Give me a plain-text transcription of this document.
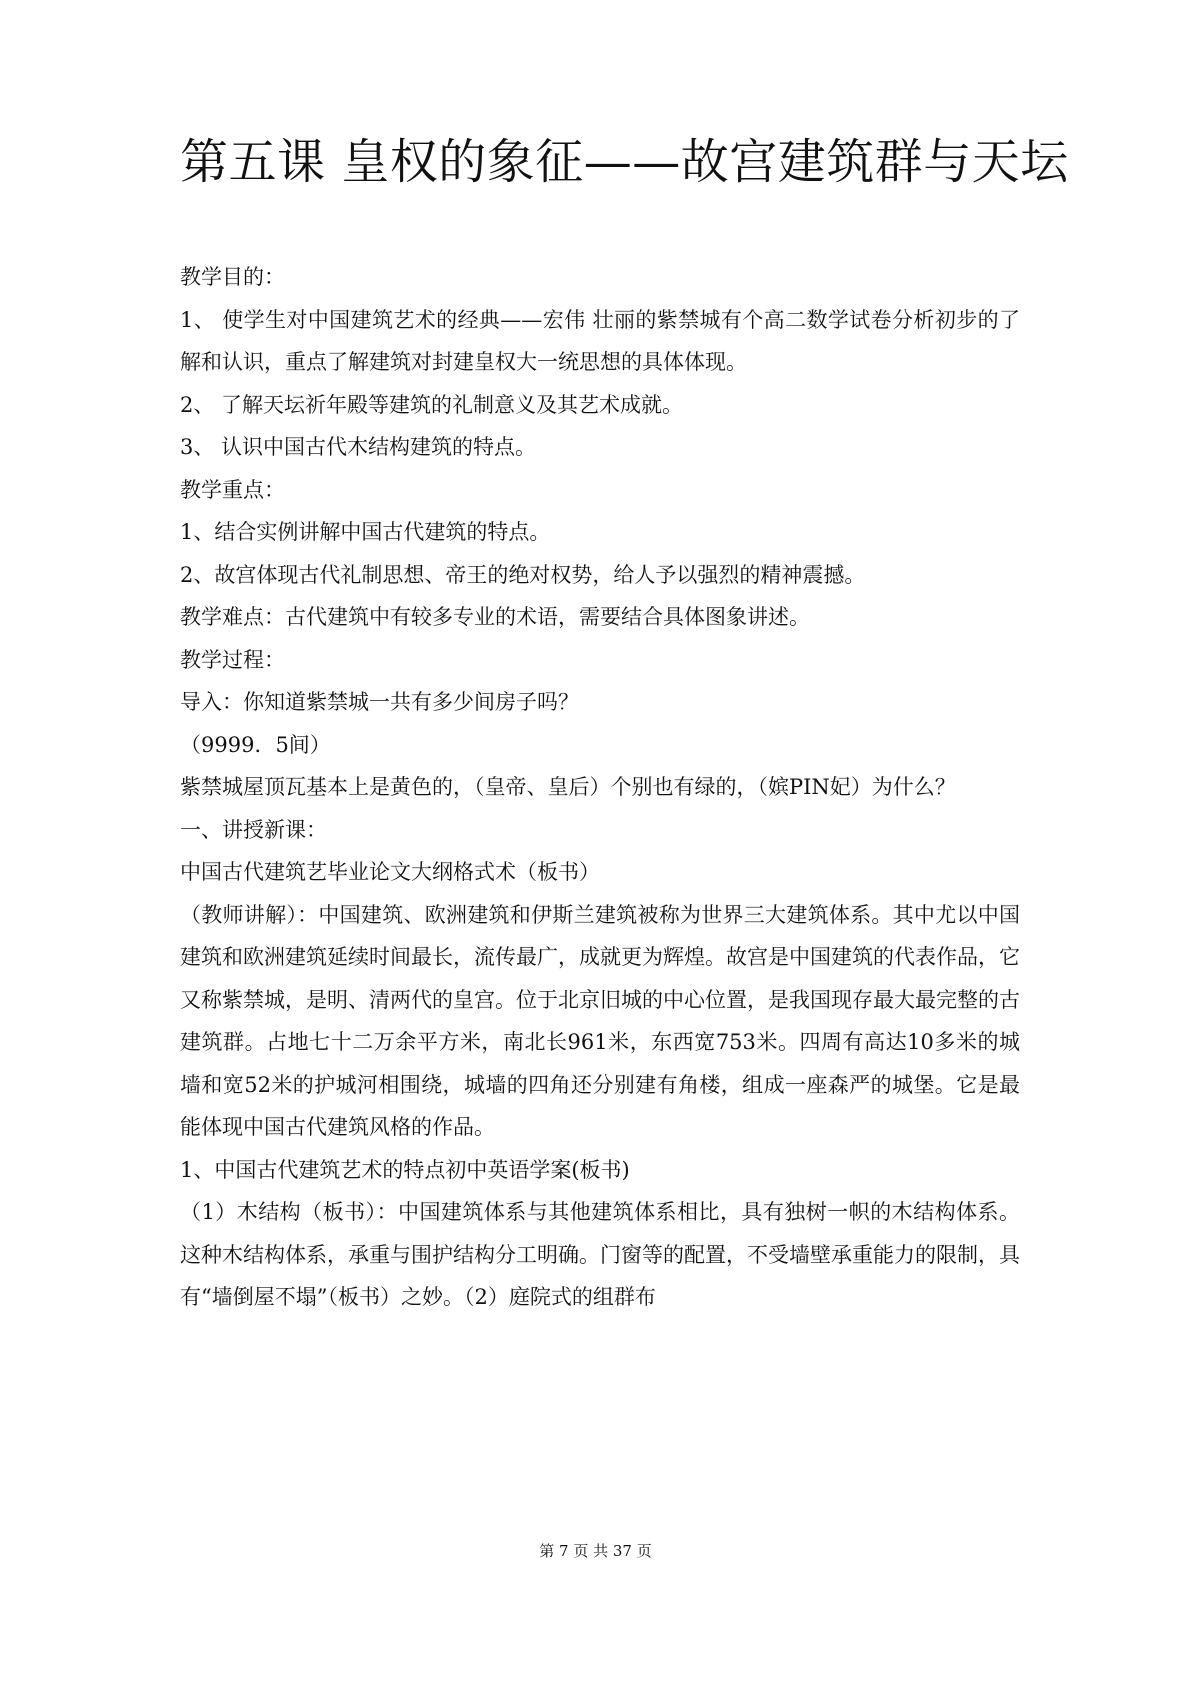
第五课 皇权的象征——故宫建筑群与天坛

教学目的：

1、 使学生对中国建筑艺术的经典——宏伟 壮丽的紫禁城有个高二数学试卷分析初步的了解和认识，重点了解建筑对封建皇权大一统思想的具体体现。

2、 了解天坛祈年殿等建筑的礼制意义及其艺术成就。

3、 认识中国古代木结构建筑的特点。

教学重点：

1、结合实例讲解中国古代建筑的特点。

2、故宫体现古代礼制思想、帝王的绝对权势，给人予以强烈的精神震撼。

教学难点：古代建筑中有较多专业的术语，需要结合具体图象讲述。

教学过程：

导入：你知道紫禁城一共有多少间房子吗？

（9999．5间）

紫禁城屋顶瓦基本上是黄色的，（皇帝、皇后）个别也有绿的，（嫔PIN妃）为什么？

一、讲授新课：

中国古代建筑艺毕业论文大纲格式术（板书）

（教师讲解）：中国建筑、欧洲建筑和伊斯兰建筑被称为世界三大建筑体系。其中尤以中国建筑和欧洲建筑延续时间最长，流传最广，成就更为辉煌。故宫是中国建筑的代表作品，它又称紫禁城，是明、清两代的皇宫。位于北京旧城的中心位置，是我国现存最大最完整的古建筑群。占地七十二万余平方米，南北长961米，东西宽753米。四周有高达10多米的城墙和宽52米的护城河相围绕，城墙的四角还分别建有角楼，组成一座森严的城堡。它是最能体现中国古代建筑风格的作品。

1、中国古代建筑艺术的特点初中英语学案(板书)

（1）木结构（板书）：中国建筑体系与其他建筑体系相比，具有独树一帜的木结构体系。这种木结构体系，承重与围护结构分工明确。门窗等的配置，不受墙壁承重能力的限制，具有“墙倒屋不塌”（板书）之妙。（2）庭院式的组群布

第 7 页 共 37 页
